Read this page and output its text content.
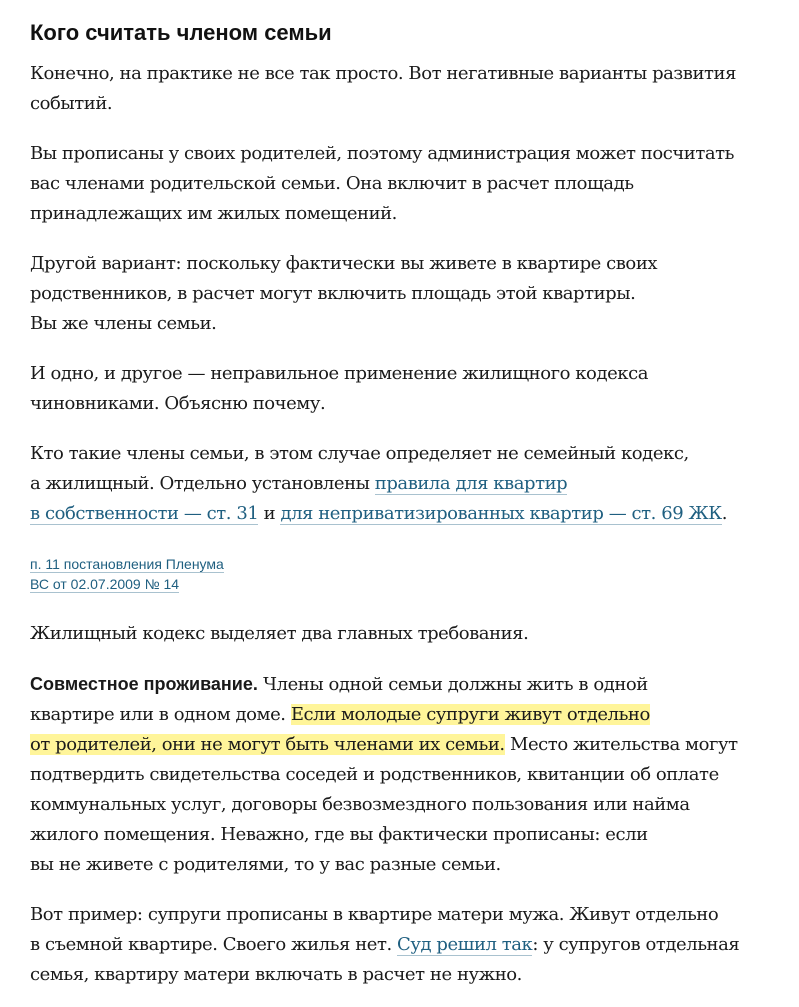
Кого считать членом семьи

Конечно, на практике не все так просто. Вот негативные варианты развития событий.

Вы прописаны у своих родителей, поэтому администрация может посчитать
вас членами родительской семьи. Она включит в расчет площадь
принадлежащих им жилых помещений.

Другой вариант: поскольку фактически вы живете в квартире своих
родственников, в расчет могут включить площадь этой квартиры.
Вы же члены семьи.

И одно, и другое — неправильное применение жилищного кодекса
чиновниками. Объясню почему.

Кто такие члены семьи, в этом случае определяет не семейный кодекс,
а жилищный. Отдельно установлены правила для квартир
в собственности — ст. 31 и для неприватизированных квартир — ст. 69 ЖК.

п. 11 постановления Пленума
ВС от 02.07.2009 № 14

Жилищный кодекс выделяет два главных требования.

Совместное проживание. Члены одной семьи должны жить в одной
квартире или в одном доме. Если молодые супруги живут отдельно
от родителей, они не могут быть членами их семьи. Место жительства могут
подтвердить свидетельства соседей и родственников, квитанции об оплате
коммунальных услуг, договоры безвозмездного пользования или найма
жилого помещения. Неважно, где вы фактически прописаны: если
вы не живете с родителями, то у вас разные семьи.

Вот пример: супруги прописаны в квартире матери мужа. Живут отдельно
в съемной квартире. Своего жилья нет. Суд решил так: у супругов отдельная
семья, квартиру матери включать в расчет не нужно.
